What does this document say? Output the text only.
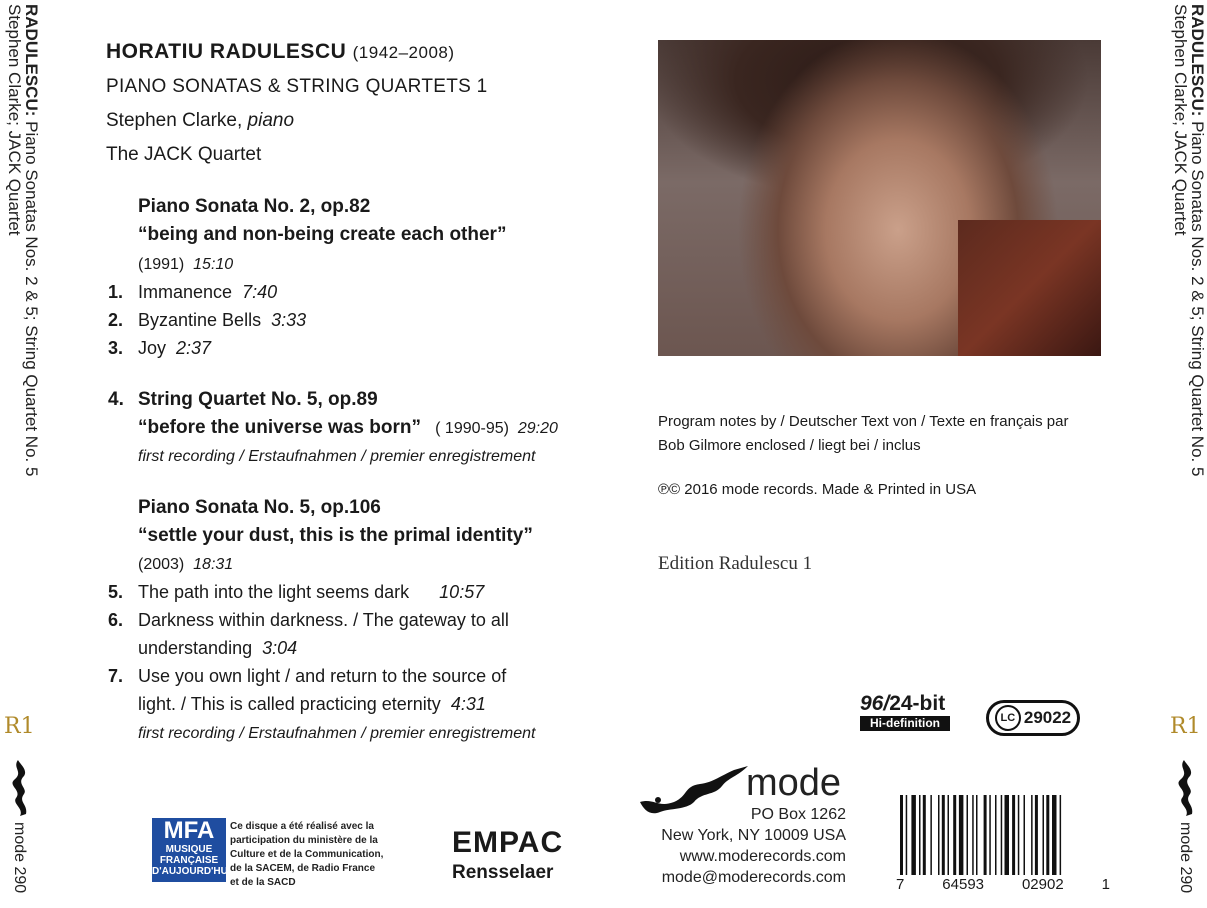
RADULESCU: Piano Sonatas Nos. 2 & 5; String Quartet No. 5
Stephen Clarke; JACK Quartet
R1
mode 290
RADULESCU: Piano Sonatas Nos. 2 & 5; String Quartet No. 5
Stephen Clarke; JACK Quartet
R1
mode 290
HORATIU RADULESCU (1942–2008)
PIANO SONATAS & STRING QUARTETS 1
Stephen Clarke, piano
The JACK Quartet
Piano Sonata No. 2, op.82
“being and non-being create each other”
(1991) 15:10
1. Immanence 7:40
2. Byzantine Bells 3:33
3. Joy 2:37
4. String Quartet No. 5, op.89
“before the universe was born” ( 1990-95) 29:20
first recording / Erstaufnahmen / premier enregistrement
Piano Sonata No. 5, op.106
“settle your dust, this is the primal identity”
(2003) 18:31
5. The path into the light seems dark 10:57
6. Darkness within darkness. / The gateway to all
understanding 3:04
7. Use you own light / and return to the source of
light. / This is called practicing eternity 4:31
first recording / Erstaufnahmen / premier enregistrement
Program notes by / Deutscher Text von / Texte en français par
Bob Gilmore enclosed / liegt bei / inclus
℗© 2016 mode records. Made & Printed in USA
Edition Radulescu 1
96/24-bit
Hi-definition	LC 29022
mode
PO Box 1262
New York, NY 10009 USA
www.moderecords.com
mode@moderecords.com
MFA
MUSIQUE
FRANÇAISE
D'AUJOURD'HUI
Ce disque a été réalisé avec la participation du ministère de la Culture et de la Communication, de la SACEM, de Radio France et de la SACD
EMPAC
Rensselaer
7	64593	02902	1
